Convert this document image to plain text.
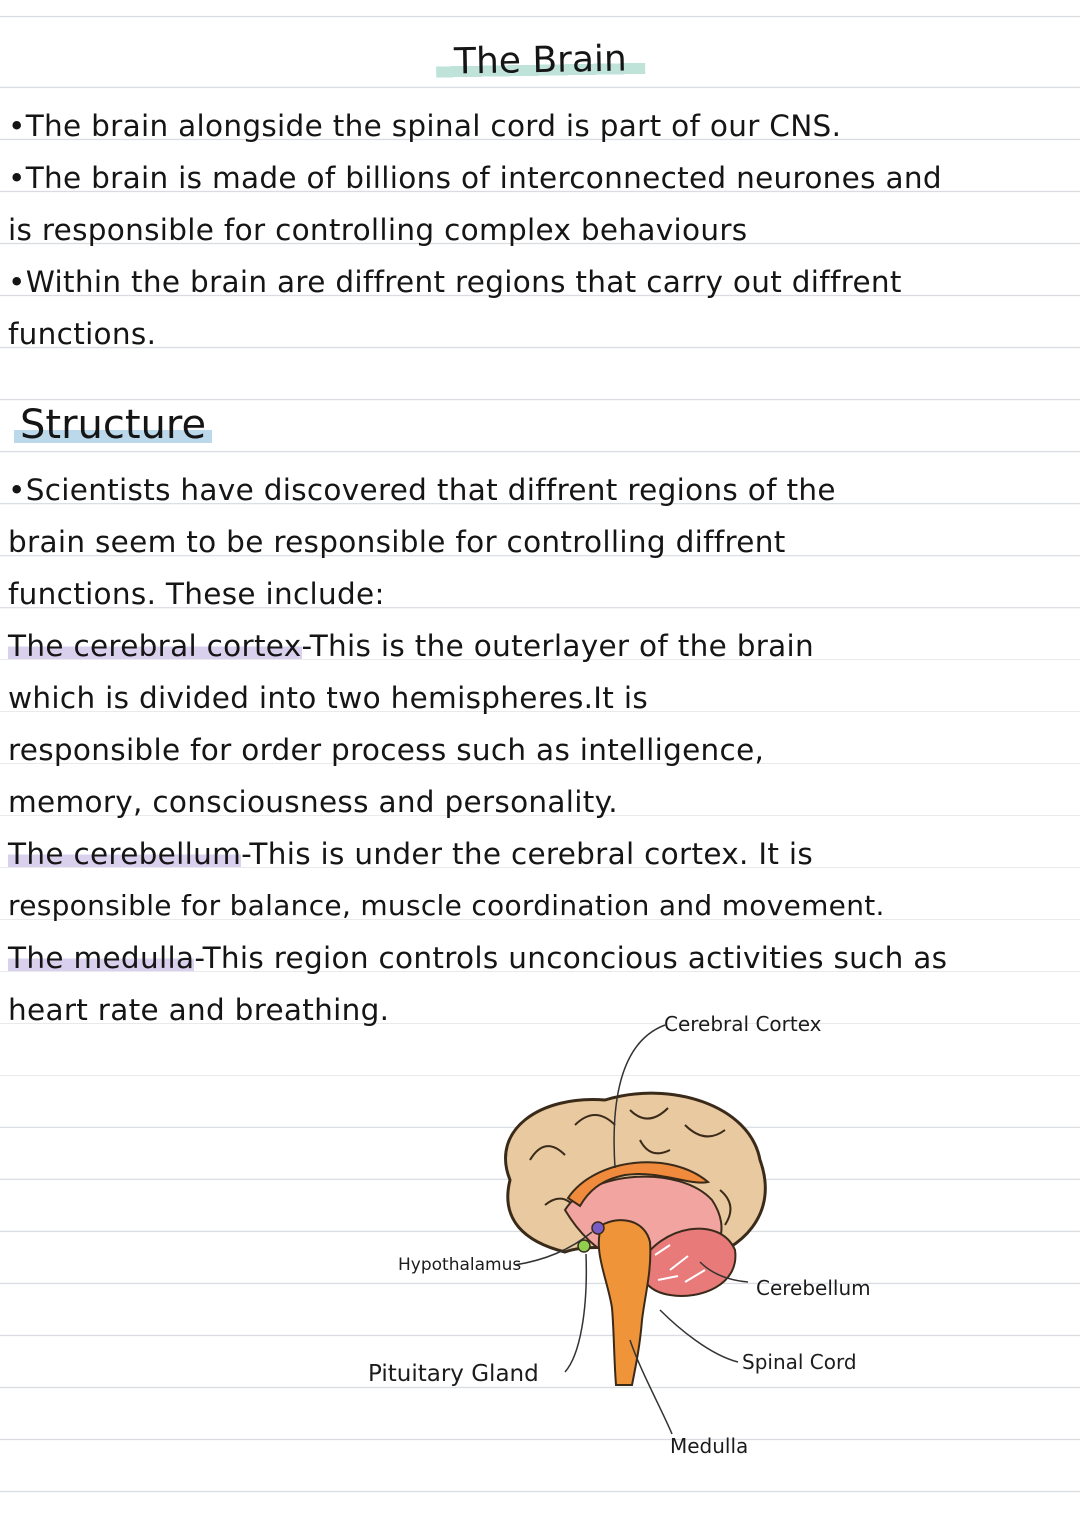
The Brain
•The brain alongside the spinal cord is part of our CNS.
•The brain is made of billions of interconnected neurones and
is responsible for controlling complex behaviours
•Within the brain are diffrent regions that carry out diffrent
functions.
Structure
•Scientists have discovered that diffrent regions of the
brain seem to be responsible for controlling diffrent
functions. These include:
The cerebral cortex-This is the outerlayer of the brain
which is divided into two hemispheres.It is
responsible for order process such as intelligence,
memory, consciousness and personality.
The cerebellum-This is under the cerebral cortex. It is
responsible for balance, muscle coordination and movement.
The medulla-This region controls unconcious activities such as
heart rate and breathing.	Cerebral Cortex
Hypothalamus
Cerebellum
Pituitary Gland	Spinal Cord
Medulla
